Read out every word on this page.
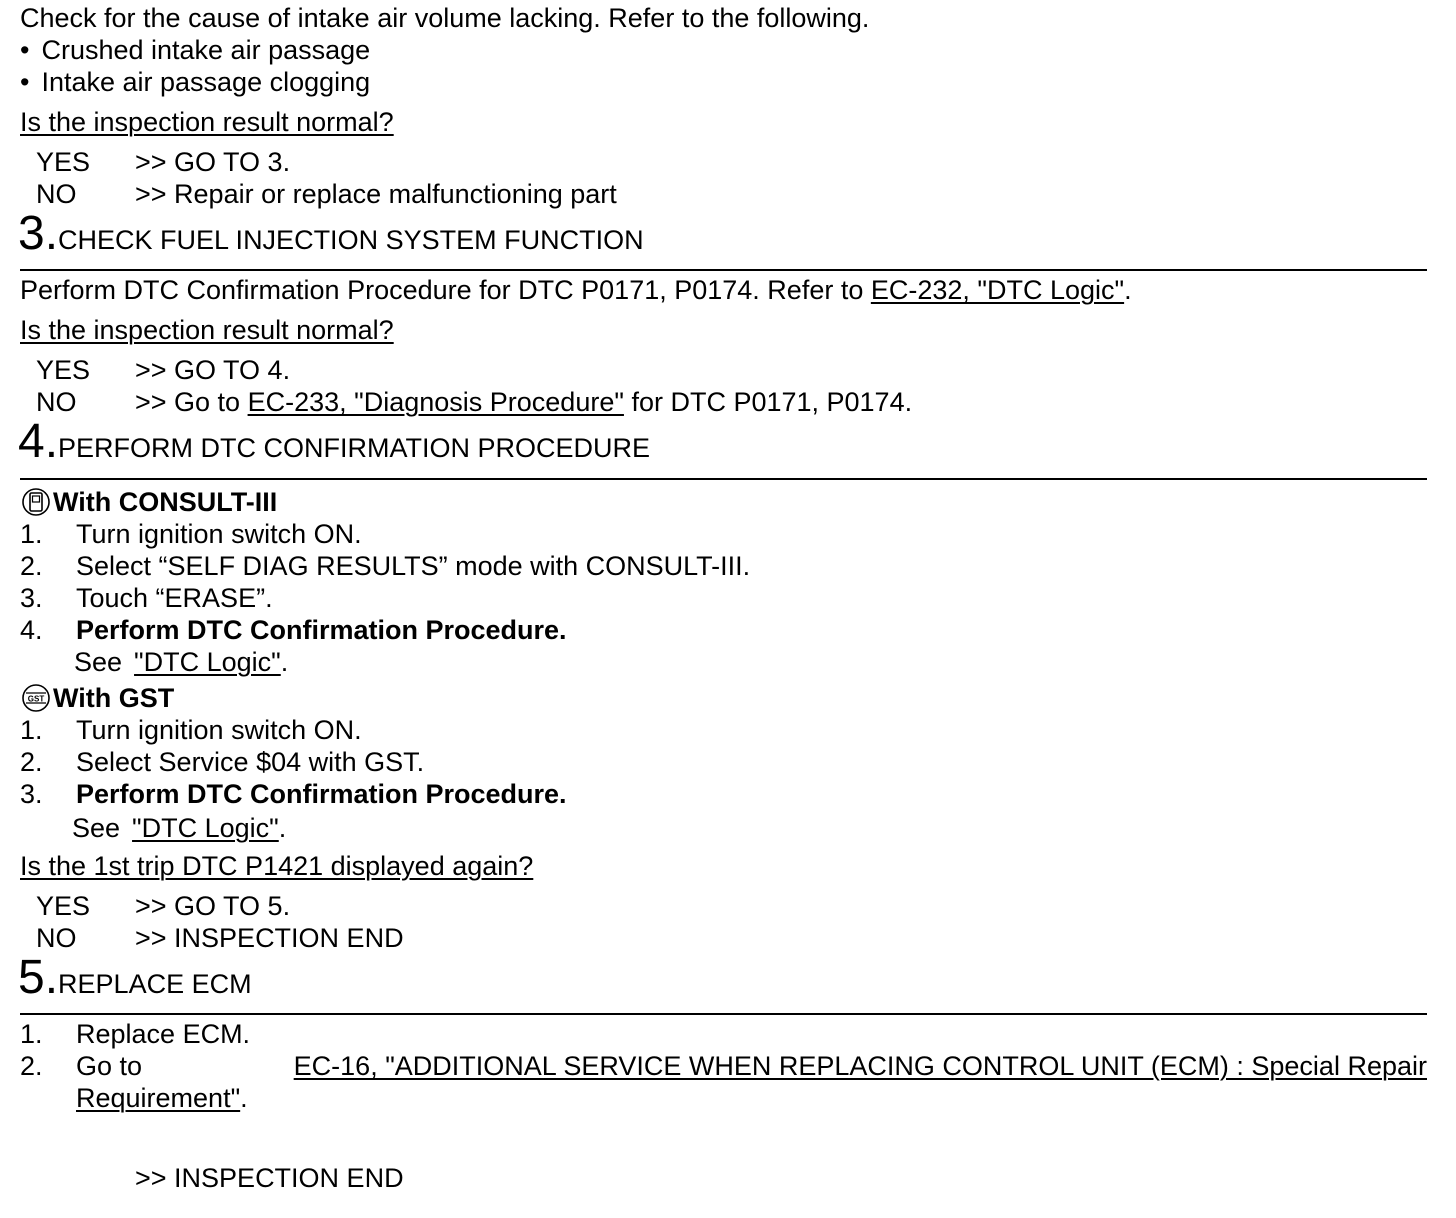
Check for the cause of intake air volume lacking. Refer to the following.
• Crushed intake air passage
• Intake air passage clogging
Is the inspection result normal?
YES >> GO TO 3.
NO >> Repair or replace malfunctioning part
3.CHECK FUEL INJECTION SYSTEM FUNCTION
Perform DTC Confirmation Procedure for DTC P0171, P0174. Refer to EC-232, "DTC Logic".
Is the inspection result normal?
YES >> GO TO 4.
NO >> Go to EC-233, "Diagnosis Procedure" for DTC P0171, P0174.
4.PERFORM DTC CONFIRMATION PROCEDURE
With CONSULT-III
1. Turn ignition switch ON.
2. Select “SELF DIAG RESULTS” mode with CONSULT-III.
3. Touch “ERASE”.
4. Perform DTC Confirmation Procedure.
See "DTC Logic".
GST With GST
1. Turn ignition switch ON.
2. Select Service $04 with GST.
3. Perform DTC Confirmation Procedure.
See "DTC Logic".
Is the 1st trip DTC P1421 displayed again?
YES >> GO TO 5.
NO >> INSPECTION END
5.REPLACE ECM
1. Replace ECM.
2. Go to	EC-16, "ADDITIONAL SERVICE WHEN REPLACING CONTROL UNIT (ECM) : Special Repair
Requirement".
>> INSPECTION END
